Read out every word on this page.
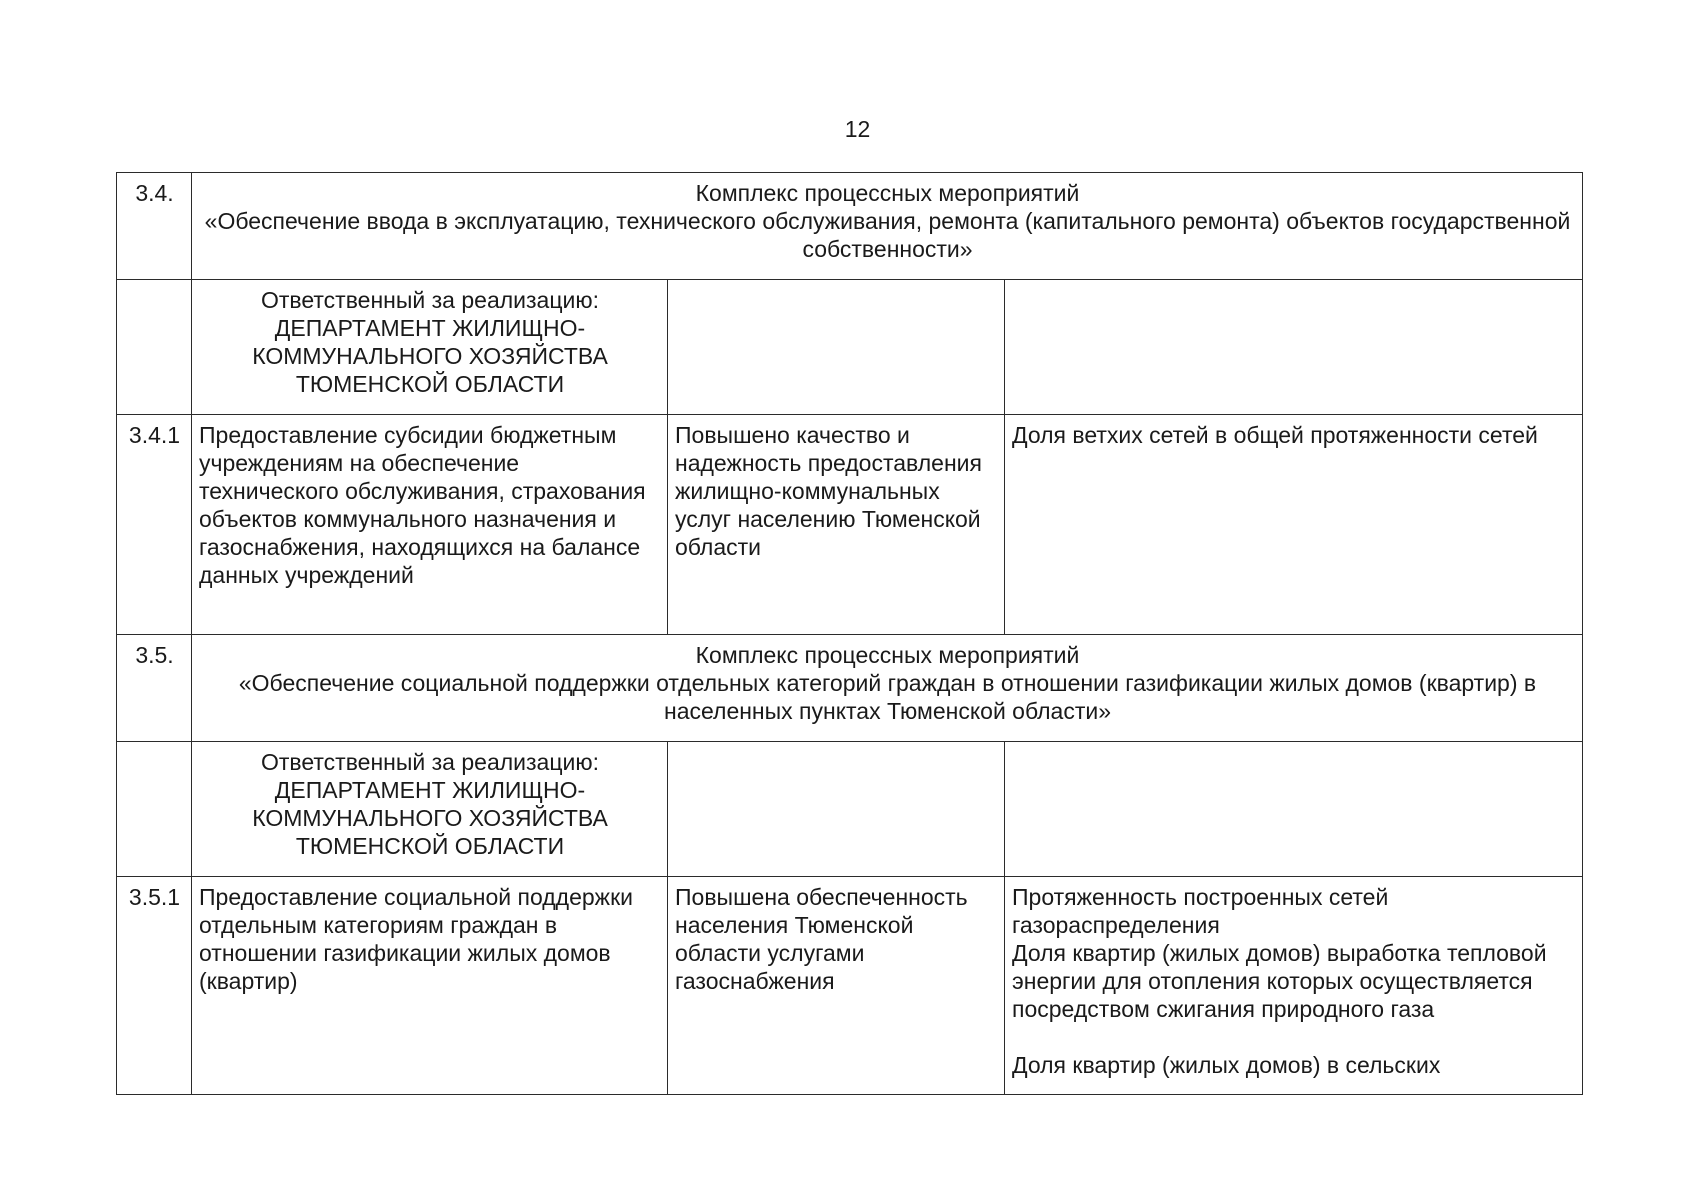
12
3.4.	Комплекс процессных мероприятий
«Обеспечение ввода в эксплуатацию, технического обслуживания, ремонта (капитального ремонта) объектов государственной собственности»		

	Ответственный за реализацию:
ДЕПАРТАМЕНТ ЖИЛИЩНО-КОММУНАЛЬНОГО ХОЗЯЙСТВА ТЮМЕНСКОЙ ОБЛАСТИ		

3.4.1	Предоставление субсидии бюджетным учреждениям на обеспечение технического обслуживания, страхования объектов коммунального назначения и газоснабжения, находящихся на балансе данных учреждений	Повышено качество и надежность предоставления жилищно-коммунальных услуг населению Тюменской области	Доля ветхих сетей в общей протяженности сетей

3.5.	Комплекс процессных мероприятий
«Обеспечение социальной поддержки отдельных категорий граждан в отношении газификации жилых домов (квартир) в населенных пунктах Тюменской области»		

	Ответственный за реализацию:
ДЕПАРТАМЕНТ ЖИЛИЩНО-КОММУНАЛЬНОГО ХОЗЯЙСТВА ТЮМЕНСКОЙ ОБЛАСТИ		

3.5.1	Предоставление социальной поддержки отдельным категориям граждан в отношении газификации жилых домов (квартир)	Повышена обеспеченность населения Тюменской области услугами газоснабжения	Протяженность построенных сетей газораспределения
Доля квартир (жилых домов) выработка тепловой энергии для отопления которых осуществляется посредством сжигания природного газа
Доля квартир (жилых домов) в сельских
